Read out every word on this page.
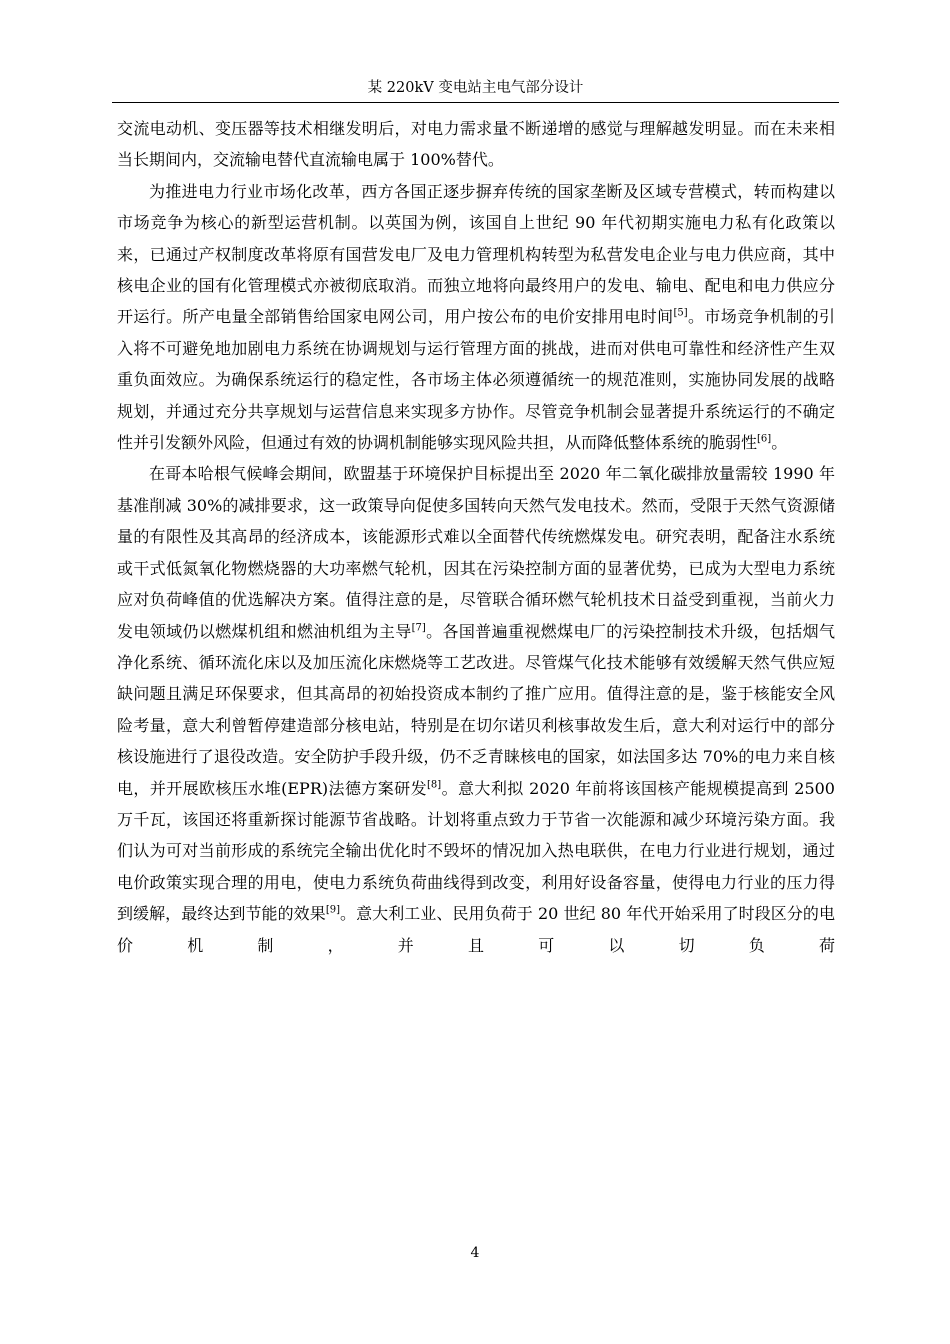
某 220kV 变电站主电气部分设计

交流电动机、变压器等技术相继发明后，对电力需求量不断递增的感觉与理解越发明显。而在未来相当长期间内，交流输电替代直流输电属于 100%替代。

为推进电力行业市场化改革，西方各国正逐步摒弃传统的国家垄断及区域专营模式，转而构建以市场竞争为核心的新型运营机制。以英国为例，该国自上世纪 90 年代初期实施电力私有化政策以来，已通过产权制度改革将原有国营发电厂及电力管理机构转型为私营发电企业与电力供应商，其中核电企业的国有化管理模式亦被彻底取消。而独立地将向最终用户的发电、输电、配电和电力供应分开运行。所产电量全部销售给国家电网公司，用户按公布的电价安排用电时间[5]。市场竞争机制的引入将不可避免地加剧电力系统在协调规划与运行管理方面的挑战，进而对供电可靠性和经济性产生双重负面效应。为确保系统运行的稳定性，各市场主体必须遵循统一的规范准则，实施协同发展的战略规划，并通过充分共享规划与运营信息来实现多方协作。尽管竞争机制会显著提升系统运行的不确定性并引发额外风险，但通过有效的协调机制能够实现风险共担，从而降低整体系统的脆弱性[6]。

在哥本哈根气候峰会期间，欧盟基于环境保护目标提出至 2020 年二氧化碳排放量需较 1990 年基准削减 30%的减排要求，这一政策导向促使多国转向天然气发电技术。然而，受限于天然气资源储量的有限性及其高昂的经济成本，该能源形式难以全面替代传统燃煤发电。研究表明，配备注水系统或干式低氮氧化物燃烧器的大功率燃气轮机，因其在污染控制方面的显著优势，已成为大型电力系统应对负荷峰值的优选解决方案。值得注意的是，尽管联合循环燃气轮机技术日益受到重视，当前火力发电领域仍以燃煤机组和燃油机组为主导[7]。各国普遍重视燃煤电厂的污染控制技术升级，包括烟气净化系统、循环流化床以及加压流化床燃烧等工艺改进。尽管煤气化技术能够有效缓解天然气供应短缺问题且满足环保要求，但其高昂的初始投资成本制约了推广应用。值得注意的是，鉴于核能安全风险考量，意大利曾暂停建造部分核电站，特别是在切尔诺贝利核事故发生后，意大利对运行中的部分核设施进行了退役改造。安全防护手段升级，仍不乏青睐核电的国家，如法国多达 70%的电力来自核电，并开展欧核压水堆(EPR)法德方案研发[8]。意大利拟 2020 年前将该国核产能规模提高到 2500 万千瓦，该国还将重新探讨能源节省战略。计划将重点致力于节省一次能源和减少环境污染方面。我们认为可对当前形成的系统完全输出优化时不毁坏的情况加入热电联供，在电力行业进行规划，通过电价政策实现合理的用电，使电力系统负荷曲线得到改变，利用好设备容量，使得电力行业的压力得到缓解，最终达到节能的效果[9]。意大利工业、民用负荷于 20 世纪 80 年代开始采用了时段区分的电价机制，并且可以切负荷

4
